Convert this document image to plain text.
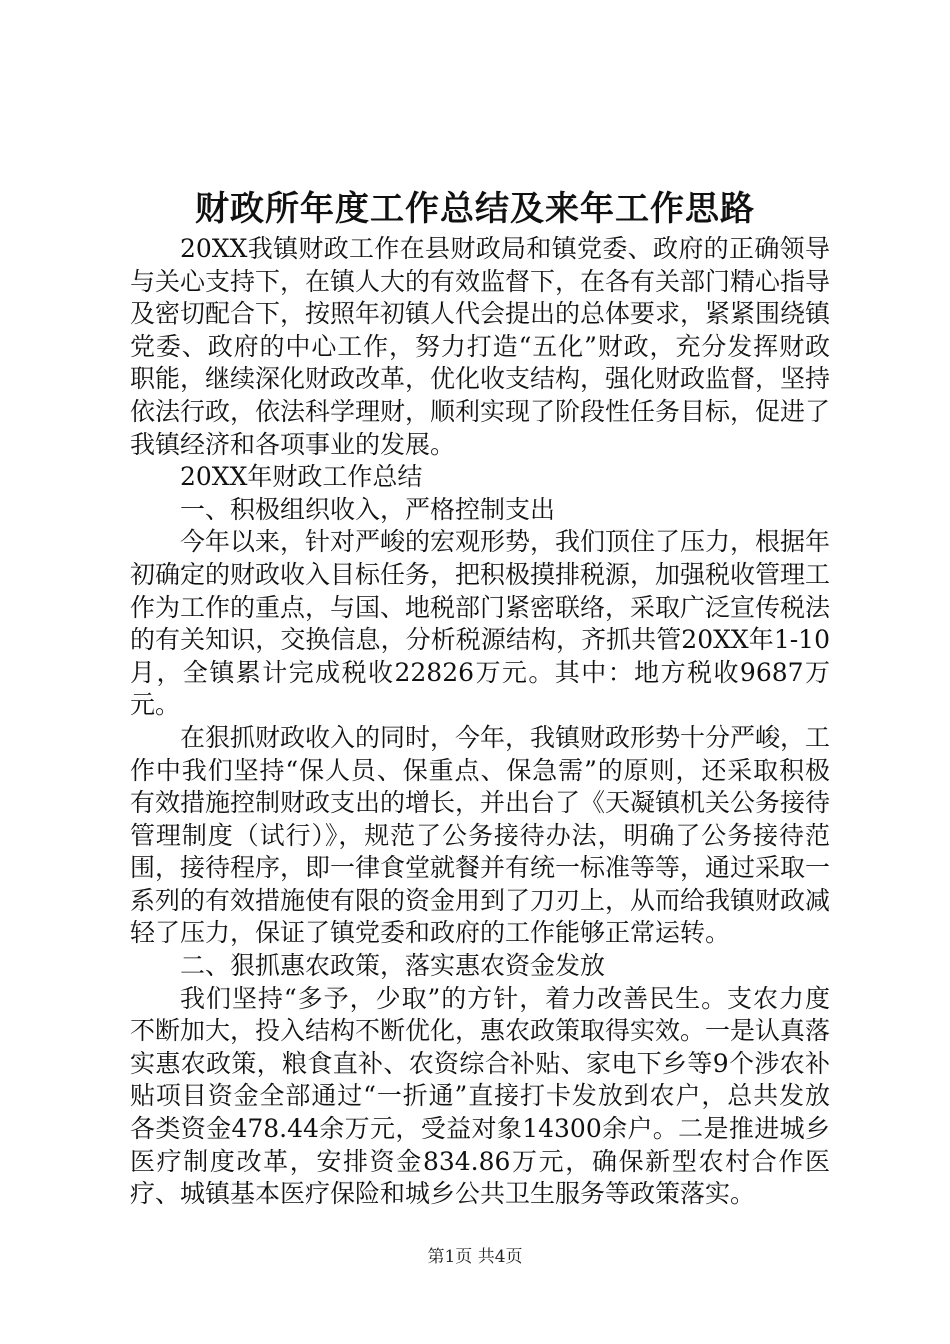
财政所年度工作总结及来年工作思路

20XX我镇财政工作在县财政局和镇党委、政府的正确领导与关心支持下，在镇人大的有效监督下，在各有关部门精心指导及密切配合下，按照年初镇人代会提出的总体要求，紧紧围绕镇党委、政府的中心工作，努力打造“五化”财政，充分发挥财政职能，继续深化财政改革，优化收支结构，强化财政监督，坚持依法行政，依法科学理财，顺利实现了阶段性任务目标，促进了我镇经济和各项事业的发展。

20XX年财政工作总结

一、积极组织收入，严格控制支出

今年以来，针对严峻的宏观形势，我们顶住了压力，根据年初确定的财政收入目标任务，把积极摸排税源，加强税收管理工作为工作的重点，与国、地税部门紧密联络，采取广泛宣传税法的有关知识，交换信息，分析税源结构，齐抓共管20XX年1-10月，全镇累计完成税收22826万元。其中：地方税收9687万元。

在狠抓财政收入的同时，今年，我镇财政形势十分严峻，工作中我们坚持“保人员、保重点、保急需”的原则，还采取积极有效措施控制财政支出的增长，并出台了《天凝镇机关公务接待管理制度（试行）》，规范了公务接待办法，明确了公务接待范围，接待程序，即一律食堂就餐并有统一标准等等，通过采取一系列的有效措施使有限的资金用到了刀刃上，从而给我镇财政减轻了压力，保证了镇党委和政府的工作能够正常运转。

二、狠抓惠农政策，落实惠农资金发放

我们坚持“多予，少取”的方针，着力改善民生。支农力度不断加大，投入结构不断优化，惠农政策取得实效。一是认真落实惠农政策，粮食直补、农资综合补贴、家电下乡等9个涉农补贴项目资金全部通过“一折通”直接打卡发放到农户，总共发放各类资金478.44余万元，受益对象14300余户。二是推进城乡医疗制度改革，安排资金834.86万元，确保新型农村合作医疗、城镇基本医疗保险和城乡公共卫生服务等政策落实。

第1页 共4页
